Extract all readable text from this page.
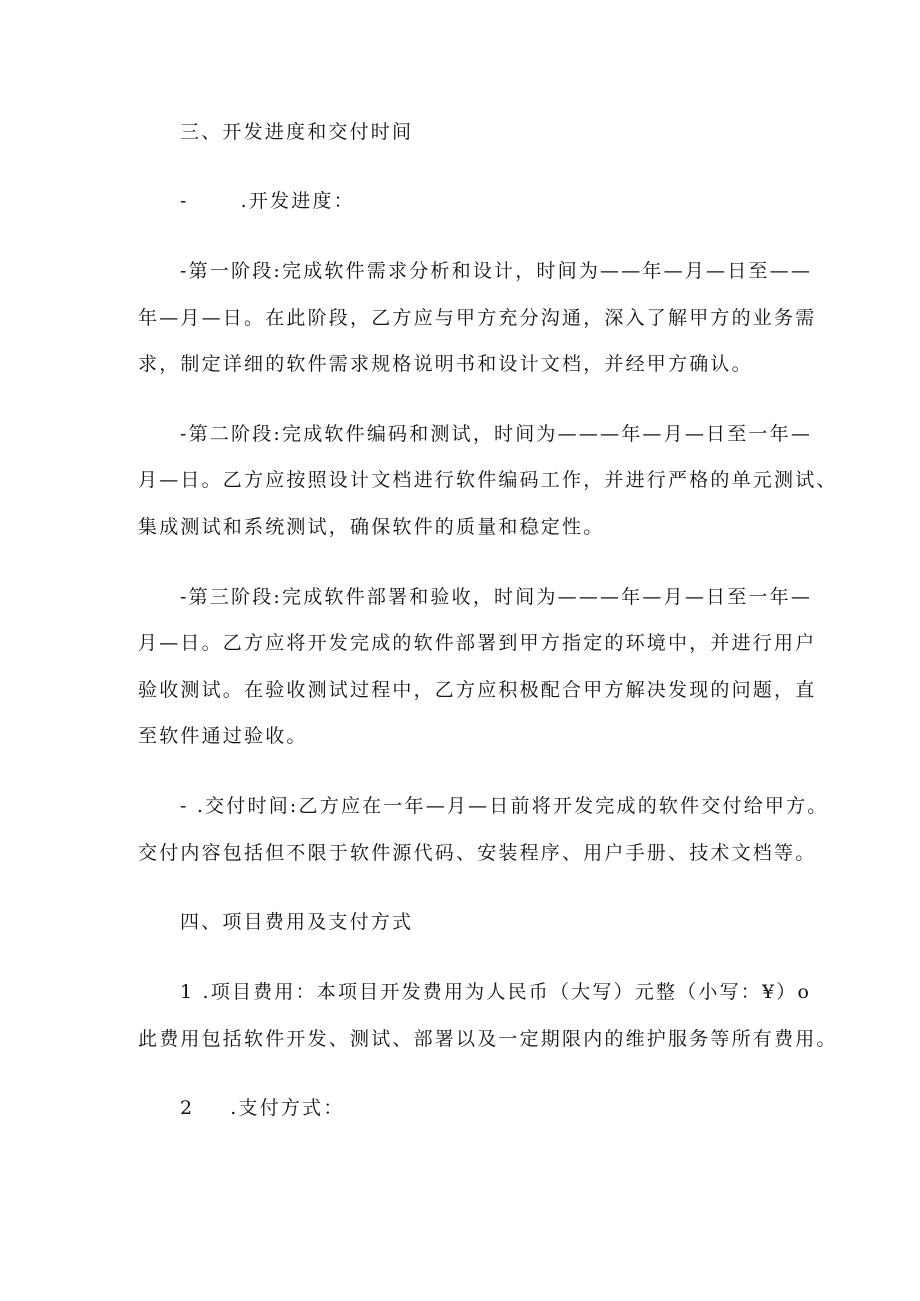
三、开发进度和交付时间
-	.开发进度：
-第一阶段:完成软件需求分析和设计，时间为——年—月—日至——
年—月—日。在此阶段，乙方应与甲方充分沟通，深入了解甲方的业务需
求，制定详细的软件需求规格说明书和设计文档，并经甲方确认。
-第二阶段:完成软件编码和测试，时间为———年—月—日至一年—
月—日。乙方应按照设计文档进行软件编码工作，并进行严格的单元测试、
集成测试和系统测试，确保软件的质量和稳定性。
-第三阶段:完成软件部署和验收，时间为———年—月—日至一年—
月—日。乙方应将开发完成的软件部署到甲方指定的环境中，并进行用户
验收测试。在验收测试过程中，乙方应积极配合甲方解决发现的问题，直
至软件通过验收。
- .交付时间:乙方应在一年—月—日前将开发完成的软件交付给甲方。
交付内容包括但不限于软件源代码、安装程序、用户手册、技术文档等。
四、项目费用及支付方式
1 .项目费用：本项目开发费用为人民币（大写）元整（小写：¥）o
此费用包括软件开发、测试、部署以及一定期限内的维护服务等所有费用。
2 .支付方式：
